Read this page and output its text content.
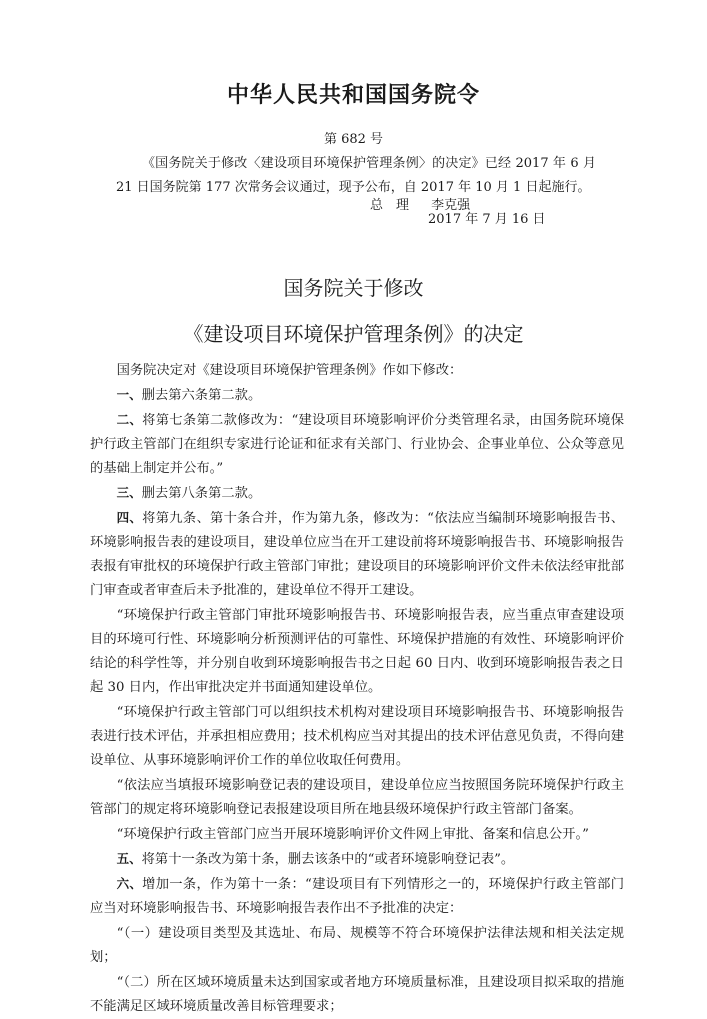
中华人民共和国国务院令
第 682 号
《国务院关于修改〈建设项目环境保护管理条例〉的决定》已经 2017 年 6 月 21 日国务院第 177 次常务会议通过，现予公布，自 2017 年 10 月 1 日起施行。
总　理 李克强
2017 年 7 月 16 日
国务院关于修改
《建设项目环境保护管理条例》的决定

国务院决定对《建设项目环境保护管理条例》作如下修改：

一、删去第六条第二款。

二、将第七条第二款修改为：“建设项目环境影响评价分类管理名录，由国务院环境保护行政主管部门在组织专家进行论证和征求有关部门、行业协会、企事业单位、公众等意见的基础上制定并公布。”

三、删去第八条第二款。

四、将第九条、第十条合并，作为第九条，修改为：“依法应当编制环境影响报告书、环境影响报告表的建设项目，建设单位应当在开工建设前将环境影响报告书、环境影响报告表报有审批权的环境保护行政主管部门审批；建设项目的环境影响评价文件未依法经审批部门审查或者审查后未予批准的，建设单位不得开工建设。

“环境保护行政主管部门审批环境影响报告书、环境影响报告表，应当重点审查建设项目的环境可行性、环境影响分析预测评估的可靠性、环境保护措施的有效性、环境影响评价结论的科学性等，并分别自收到环境影响报告书之日起 60 日内、收到环境影响报告表之日起 30 日内，作出审批决定并书面通知建设单位。

“环境保护行政主管部门可以组织技术机构对建设项目环境影响报告书、环境影响报告表进行技术评估，并承担相应费用；技术机构应当对其提出的技术评估意见负责，不得向建设单位、从事环境影响评价工作的单位收取任何费用。

“依法应当填报环境影响登记表的建设项目，建设单位应当按照国务院环境保护行政主管部门的规定将环境影响登记表报建设项目所在地县级环境保护行政主管部门备案。

“环境保护行政主管部门应当开展环境影响评价文件网上审批、备案和信息公开。”

五、将第十一条改为第十条，删去该条中的“或者环境影响登记表”。

六、增加一条，作为第十一条：“建设项目有下列情形之一的，环境保护行政主管部门应当对环境影响报告书、环境影响报告表作出不予批准的决定：

“（一）建设项目类型及其选址、布局、规模等不符合环境保护法律法规和相关法定规划；

“（二）所在区域环境质量未达到国家或者地方环境质量标准，且建设项目拟采取的措施不能满足区域环境质量改善目标管理要求；
